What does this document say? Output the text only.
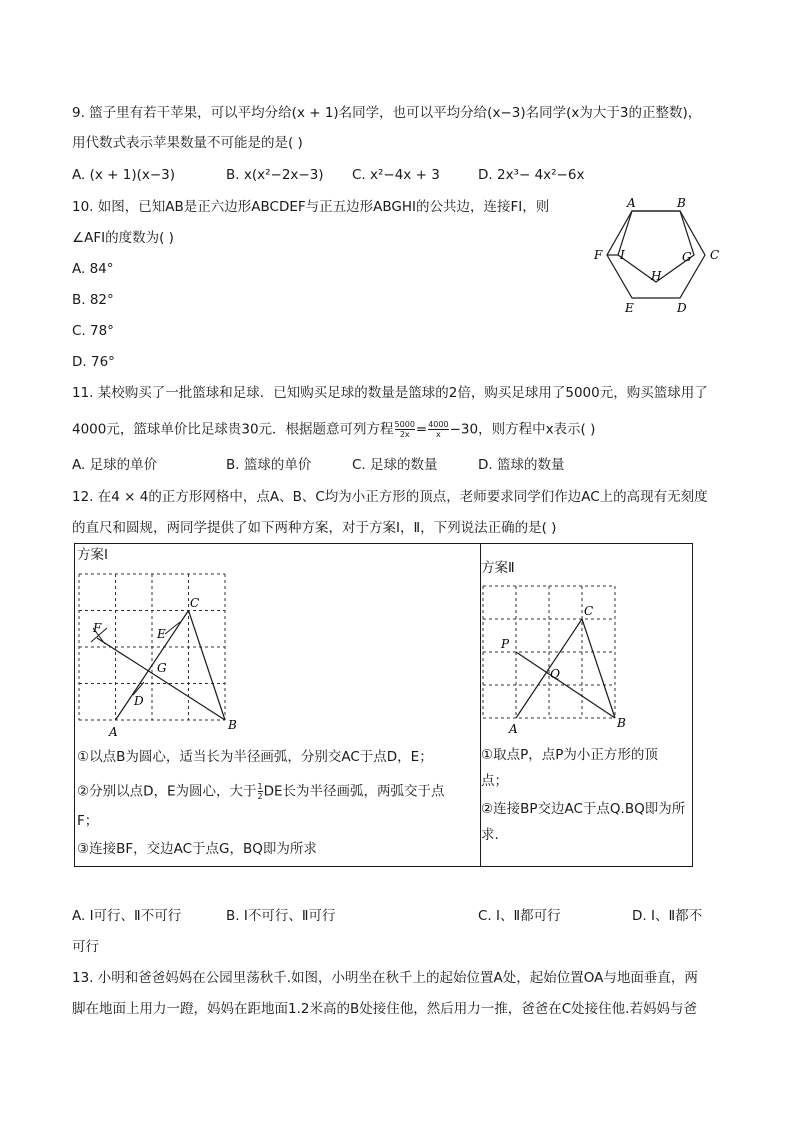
9. 篮子里有若干苹果，可以平均分给(x + 1)名同学，也可以平均分给(x−3)名同学(x为大于3的正整数)，
用代数式表示苹果数量不可能是的是( )
A. (x + 1)(x−3)	B. x(x²−2x−3) C. x²−4x + 3	D. 2x³− 4x²−6x
10. 如图，已知AB是正六边形ABCDEF与正五边形ABGHI的公共边，连接FI，则
∠AFI的度数为( )
A. 84°
B. 82°
C. 78°
D. 76°
A	B
C
D
E
F	G
H
I
11. 某校购买了一批篮球和足球．已知购买足球的数量是篮球的2倍，购买足球用了5000元，购买篮球用了
4000元，篮球单价比足球贵30元．根据题意可列方程 $\frac{5000}{2x} = \frac{4000}{x} -30$，则方程中x表示( )
A. 足球的单价	B. 篮球的单价	C. 足球的数量	D. 篮球的数量
12. 在4 × 4的正方形网格中，点A、B、C均为小正方形的顶点，老师要求同学们作边AC上的高现有无刻度
的直尺和圆规，两同学提供了如下两种方案，对于方案Ⅰ，Ⅱ，下列说法正确的是( )
方案Ⅰ
C
F	E
G
D
A	B
①以点B为圆心，适当长为半径画弧，分别交AC于点D，E；
②分别以点D，E为圆心，大于 $\frac{1}{2}$ DE长为半径画弧，两弧交于点
F；
③连接BF，交边AC于点G，BQ即为所求
方案Ⅱ
C
P
Q
A	B
①取点P，点P为小正方形的顶
点；
②连接BP交边AC于点Q.BQ即为所
求.
A. Ⅰ可行、Ⅱ不可行	B. Ⅰ不可行、Ⅱ可行	C. Ⅰ、Ⅱ都可行	D. Ⅰ、Ⅱ都不
可行
13. 小明和爸爸妈妈在公园里荡秋千.如图，小明坐在秋千上的起始位置A处，起始位置OA与地面垂直，两
脚在地面上用力一蹬，妈妈在距地面1.2米高的B处接住他，然后用力一推，爸爸在C处接住他.若妈妈与爸
